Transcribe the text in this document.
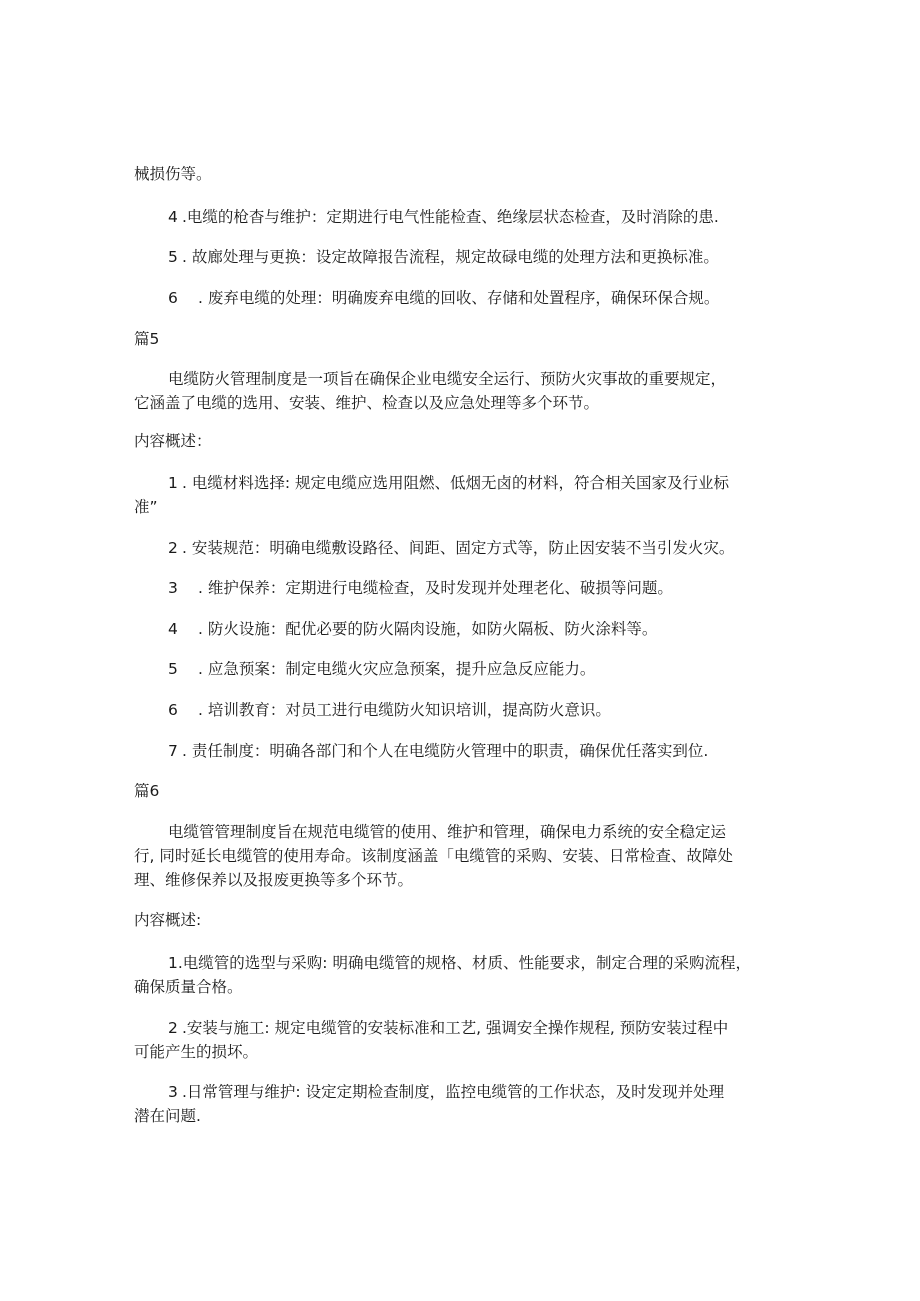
械损伤等。
4 .电缆的枪杳与维护：定期进行电气性能检查、绝缘层状态检查，及时消除的患.
5 . 故廊处理与更换：设定故障报告流程，规定故碌电缆的处理方法和更换标准。
6 . 废弃电缆的处理：明确废弃电缆的回收、存储和处置程序，确保环保合规。
篇5
电缆防火管理制度是一项旨在确保企业电缆安全运行、预防火灾事故的重要规定，
它涵盖了电缆的选用、安装、维护、检查以及应急处理等多个环节。
内容概述：
1 . 电缆材料选择: 规定电缆应选用阻燃、低烟无卤的材料，符合相关国家及行业标
准”
2 . 安装规范：明确电缆敷设路径、间距、固定方式等，防止因安装不当引发火灾。
3 . 维护保养：定期进行电缆检查，及时发现并处理老化、破损等问题。
4 . 防火设施：配优必要的防火隔肉设施，如防火隔板、防火涂料等。
5 . 应急预案：制定电缆火灾应急预案，提升应急反应能力。
6 . 培训教育：对员工进行电缆防火知识培训，提高防火意识。
7 . 责任制度：明确各部门和个人在电缆防火管理中的职责，确保优任落实到位.
篇6
电缆管管理制度旨在规范电缆管的使用、维护和管理，确保电力系统的安全稳定运
行, 同时延长电缆管的使用寿命。该制度涵盖「电缆管的采购、安装、日常检查、故障处
理、维修保养以及报废更换等多个环节。
内容概述:
1.电缆管的选型与采购: 明确电缆管的规格、材质、性能要求，制定合理的采购流程，
确保质量合格。
2 .安装与施工: 规定电缆管的安装标准和工艺, 强调安全操作规程, 预防安装过程中
可能产生的损坏。
3 .日常管理与维护: 设定定期检查制度，监控电缆管的工作状态，及时发现并处理
潜在问题.
